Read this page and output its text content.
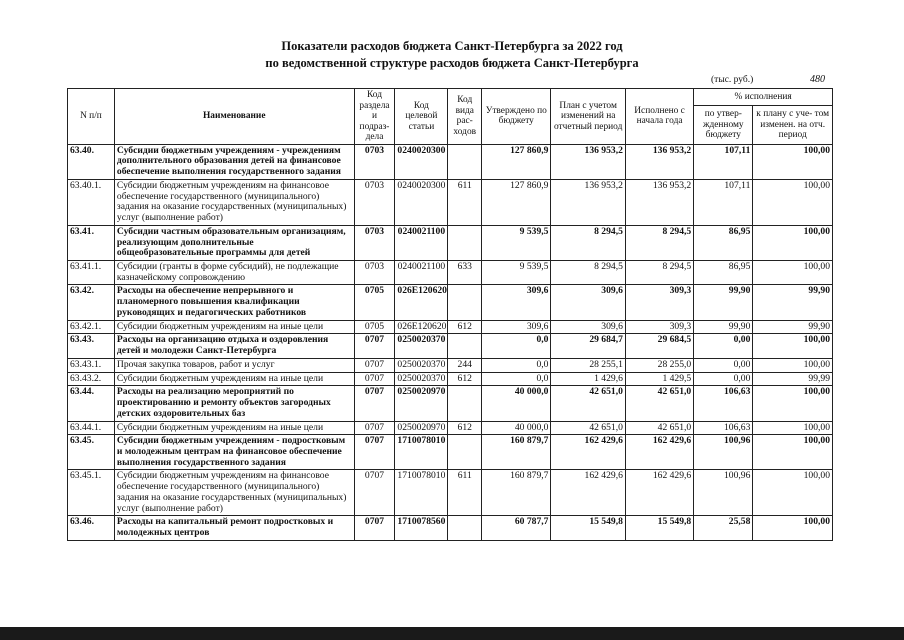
Показатели расходов бюджета Санкт-Петербурга за 2022 год
по ведомственной структуре расходов бюджета Санкт-Петербурга
(тыс. руб.)	480
N п/п	Наименование	Код раздела и подраз- дела	Код целевой статьи	Код вида рас- ходов	Утверждено по бюджету	План с учетом изменений на отчетный период	Исполнено с начала года	% исполнения	
								по утвер- жденному бюджету	к плану с уче- том изменен. на отч. период
63.40.	Субсидии бюджетным учреждениям - учреждениям дополнительного образования детей на финансовое обеспечение выполнения государственного задания	0703	0240020300		127 860,9	136 953,2	136 953,2	107,11	100,00
63.40.1.	Субсидии бюджетным учреждениям на финансовое обеспечение государственного (муниципального) задания на оказание государственных (муниципальных) услуг (выполнение работ)	0703	0240020300	611	127 860,9	136 953,2	136 953,2	107,11	100,00
63.41.	Субсидии частным образовательным организациям, реализующим дополнительные общеобразовательные программы для детей	0703	0240021100		9 539,5	8 294,5	8 294,5	86,95	100,00
63.41.1.	Субсидии (гранты в форме субсидий), не подлежащие казначейскому сопровождению	0703	0240021100	633	9 539,5	8 294,5	8 294,5	86,95	100,00
63.42.	Расходы на обеспечение непрерывного и планомерного повышения квалификации руководящих и педагогических работников	0705	026Е120620		309,6	309,6	309,3	99,90	99,90
63.42.1.	Субсидии бюджетным учреждениям на иные цели	0705	026Е120620	612	309,6	309,6	309,3	99,90	99,90
63.43.	Расходы на организацию отдыха и оздоровления детей и молодежи Санкт-Петербурга	0707	0250020370		0,0	29 684,7	29 684,5	0,00	100,00
63.43.1.	Прочая закупка товаров, работ и услуг	0707	0250020370	244	0,0	28 255,1	28 255,0	0,00	100,00
63.43.2.	Субсидии бюджетным учреждениям на иные цели	0707	0250020370	612	0,0	1 429,6	1 429,5	0,00	99,99
63.44.	Расходы на реализацию мероприятий по проектированию и ремонту объектов загородных детских оздоровительных баз	0707	0250020970		40 000,0	42 651,0	42 651,0	106,63	100,00
63.44.1.	Субсидии бюджетным учреждениям на иные цели	0707	0250020970	612	40 000,0	42 651,0	42 651,0	106,63	100,00
63.45.	Субсидии бюджетным учреждениям - подростковым и молодежным центрам на финансовое обеспечение выполнения государственного задания	0707	1710078010		160 879,7	162 429,6	162 429,6	100,96	100,00
63.45.1.	Субсидии бюджетным учреждениям на финансовое обеспечение государственного (муниципального) задания на оказание государственных (муниципальных) услуг (выполнение работ)	0707	1710078010	611	160 879,7	162 429,6	162 429,6	100,96	100,00
63.46.	Расходы на капитальный ремонт подростковых и молодежных центров	0707	1710078560		60 787,7	15 549,8	15 549,8	25,58	100,00
